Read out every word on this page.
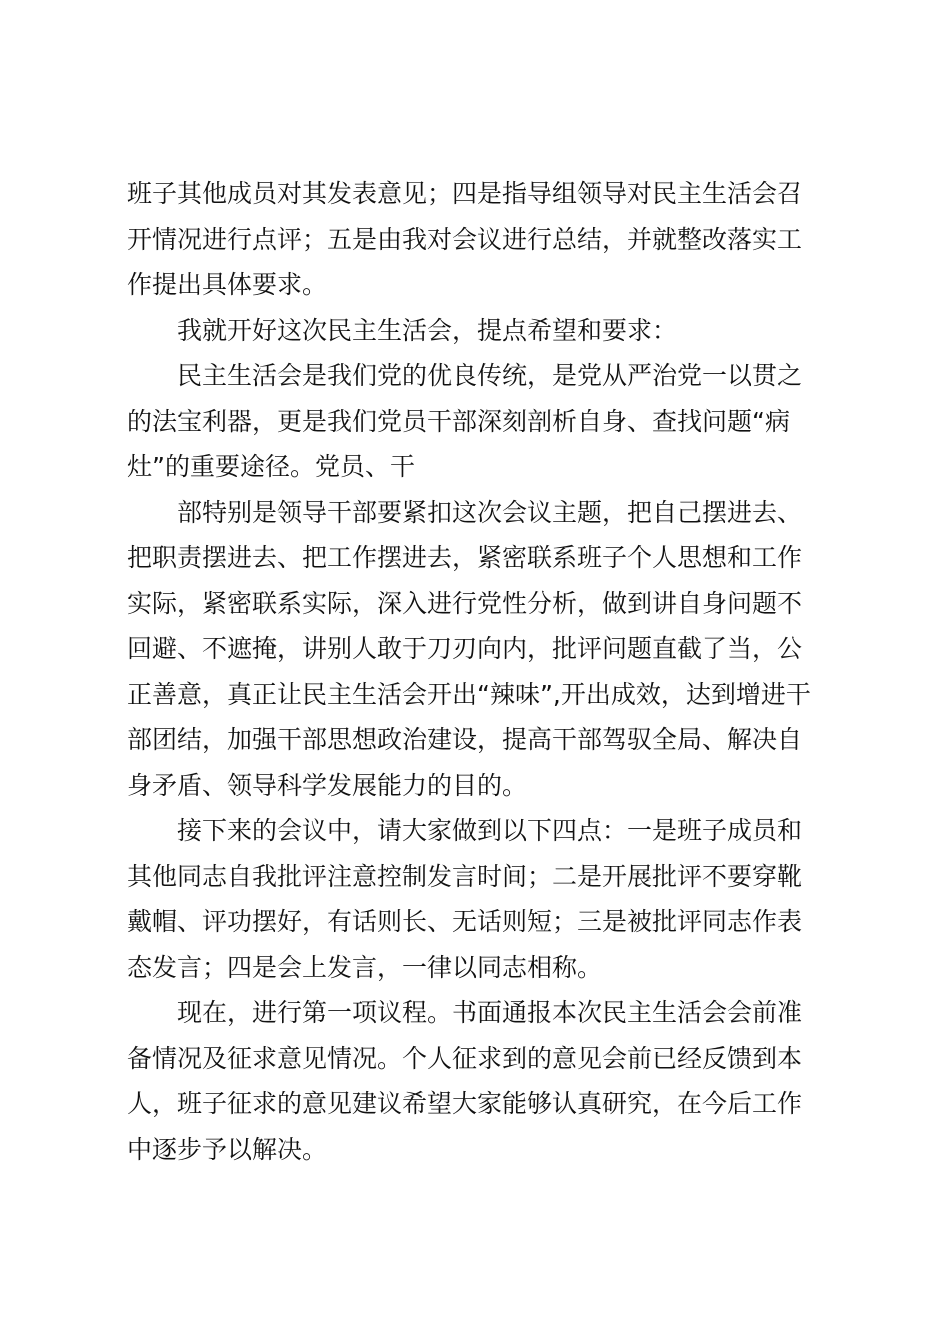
班子其他成员对其发表意见；四是指导组领导对民主生活会召
开情况进行点评；五是由我对会议进行总结，并就整改落实工
作提出具体要求。
我就开好这次民主生活会，提点希望和要求：
民主生活会是我们党的优良传统，是党从严治党一以贯之
的法宝利器，更是我们党员干部深刻剖析自身、查找问题“病
灶”的重要途径。党员、干
部特别是领导干部要紧扣这次会议主题，把自己摆进去、
把职责摆进去、把工作摆进去，紧密联系班子个人思想和工作
实际，紧密联系实际，深入进行党性分析，做到讲自身问题不
回避、不遮掩，讲别人敢于刀刃向内，批评问题直截了当，公
正善意，真正让民主生活会开出“辣味”,开出成效，达到增进干
部团结，加强干部思想政治建设，提高干部驾驭全局、解决自
身矛盾、领导科学发展能力的目的。
接下来的会议中，请大家做到以下四点：一是班子成员和
其他同志自我批评注意控制发言时间；二是开展批评不要穿靴
戴帽、评功摆好，有话则长、无话则短；三是被批评同志作表
态发言；四是会上发言，一律以同志相称。
现在，进行第一项议程。书面通报本次民主生活会会前准
备情况及征求意见情况。个人征求到的意见会前已经反馈到本
人，班子征求的意见建议希望大家能够认真研究，在今后工作
中逐步予以解决。
